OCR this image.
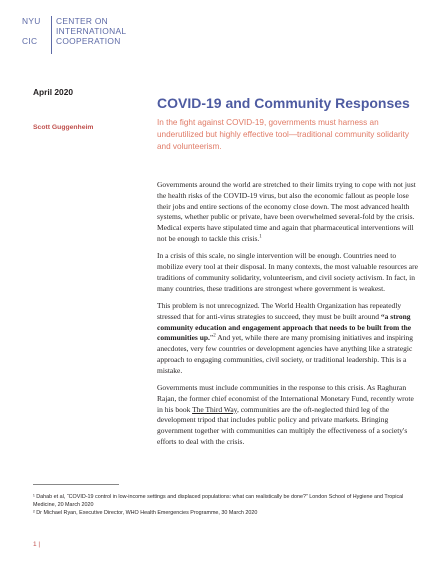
NYU
CIC
CENTER ON
INTERNATIONAL
COOPERATION
April 2020
Scott Guggenheim
COVID-19 and Community Responses
In the fight against COVID-19, governments must harness an underutilized but highly effective tool—traditional community solidarity and volunteerism.

Governments around the world are stretched to their limits trying to cope with not just the health risks of the COVID-19 virus, but also the economic fallout as people lose their jobs and entire sections of the economy close down. The most advanced health systems, whether public or private, have been overwhelmed several-fold by the crisis. Medical experts have stipulated time and again that pharmaceutical interventions will not be enough to tackle this crisis.$^1$

In a crisis of this scale, no single intervention will be enough. Countries need to mobilize every tool at their disposal. In many contexts, the most valuable resources are traditions of community solidarity, volunteerism, and civil society activism. In fact, in many countries, these traditions are strongest where government is weakest.

This problem is not unrecognized. The World Health Organization has repeatedly stressed that for anti-virus strategies to succeed, they must be built around “a strong community education and engagement approach that needs to be built from the communities up.”$^2$ And yet, while there are many promising initiatives and inspiring anecdotes, very few countries or development agencies have anything like a strategic approach to engaging communities, civil society, or traditional leadership. This is a mistake.

Governments must include communities in the response to this crisis. As Raghuran Rajan, the former chief economist of the International Monetary Fund, recently wrote in his book The Third Way, communities are the oft-neglected third leg of the development tripod that includes public policy and private markets. Bringing government together with communities can multiply the effectiveness of a society's efforts to deal with the crisis.

¹ Dahab et al, “COVID-19 control in low-income settings and displaced populations: what can realistically be done?” London School of Hygiene and Tropical Medicine, 20 March 2020
² Dr Michael Ryan, Executive Director, WHO Health Emergencies Programme, 30 March 2020
1 |
